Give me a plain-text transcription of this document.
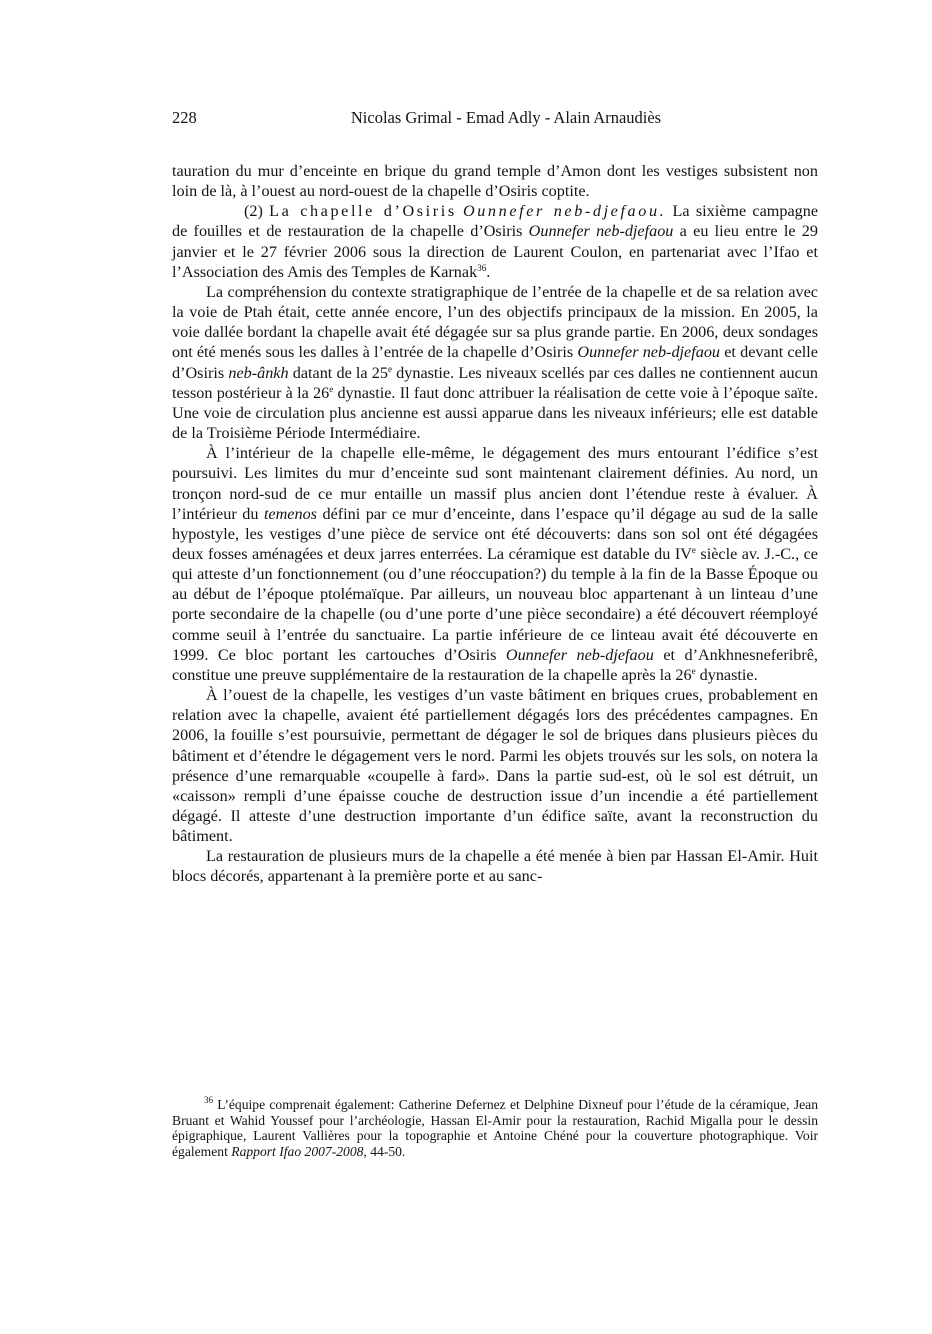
228	Nicolas Grimal - Emad Adly - Alain Arnaudiès

tauration du mur d’enceinte en brique du grand temple d’Amon dont les vestiges subsistent non loin de là, à l’ouest au nord-ouest de la chapelle d’Osiris coptite.

(2) La chapelle d’Osiris Ounnefer neb-djefaou. La sixième campagne de fouilles et de restauration de la chapelle d’Osiris Ounnefer neb-djefaou a eu lieu entre le 29 janvier et le 27 février 2006 sous la direction de Laurent Coulon, en partenariat avec l’Ifao et l’Association des Amis des Temples de Karnak$^{36}$.

La compréhension du contexte stratigraphique de l’entrée de la chapelle et de sa relation avec la voie de Ptah était, cette année encore, l’un des objectifs principaux de la mission. En 2005, la voie dallée bordant la chapelle avait été dégagée sur sa plus grande partie. En 2006, deux sondages ont été menés sous les dalles à l’entrée de la chapelle d’Osiris Ounnefer neb-djefaou et devant celle d’Osiris neb-ânkh datant de la 25e dynastie. Les niveaux scellés par ces dalles ne contiennent aucun tesson postérieur à la 26e dynastie. Il faut donc attribuer la réalisation de cette voie à l’époque saïte. Une voie de circulation plus ancienne est aussi apparue dans les niveaux inférieurs; elle est datable de la Troisième Période Intermédiaire.

À l’intérieur de la chapelle elle-même, le dégagement des murs entourant l’édifice s’est poursuivi. Les limites du mur d’enceinte sud sont maintenant clairement définies. Au nord, un tronçon nord-sud de ce mur entaille un massif plus ancien dont l’étendue reste à évaluer. À l’intérieur du temenos défini par ce mur d’enceinte, dans l’espace qu’il dégage au sud de la salle hypostyle, les vestiges d’une pièce de service ont été découverts: dans son sol ont été dégagées deux fosses aménagées et deux jarres enterrées. La céramique est datable du IVe siècle av. J.-C., ce qui atteste d’un fonctionnement (ou d’une réoccupation?) du temple à la fin de la Basse Époque ou au début de l’époque ptolémaïque. Par ailleurs, un nouveau bloc appartenant à un linteau d’une porte secondaire de la chapelle (ou d’une porte d’une pièce secondaire) a été découvert réemployé comme seuil à l’entrée du sanctuaire. La partie inférieure de ce linteau avait été découverte en 1999. Ce bloc portant les cartouches d’Osiris Ounnefer neb-djefaou et d’Ankhnesneferibrê, constitue une preuve supplémentaire de la restauration de la chapelle après la 26e dynastie.

À l’ouest de la chapelle, les vestiges d’un vaste bâtiment en briques crues, probablement en relation avec la chapelle, avaient été partiellement dégagés lors des précédentes campagnes. En 2006, la fouille s’est poursuivie, permettant de dégager le sol de briques dans plusieurs pièces du bâtiment et d’étendre le dégagement vers le nord. Parmi les objets trouvés sur les sols, on notera la présence d’une remarquable «coupelle à fard». Dans la partie sud-est, où le sol est détruit, un «caisson» rempli d’une épaisse couche de destruction issue d’un incendie a été partiellement dégagé. Il atteste d’une destruction importante d’un édifice saïte, avant la reconstruction du bâtiment.

La restauration de plusieurs murs de la chapelle a été menée à bien par Hassan El-Amir. Huit blocs décorés, appartenant à la première porte et au sanc-

$^{36}$ L’équipe comprenait également: Catherine Defernez et Delphine Dixneuf pour l’étude de la céramique, Jean Bruant et Wahid Youssef pour l’archéologie, Hassan El-Amir pour la restauration, Rachid Migalla pour le dessin épigraphique, Laurent Vallières pour la topographie et Antoine Chéné pour la couverture photographique. Voir également Rapport Ifao 2007-2008, 44-50.
